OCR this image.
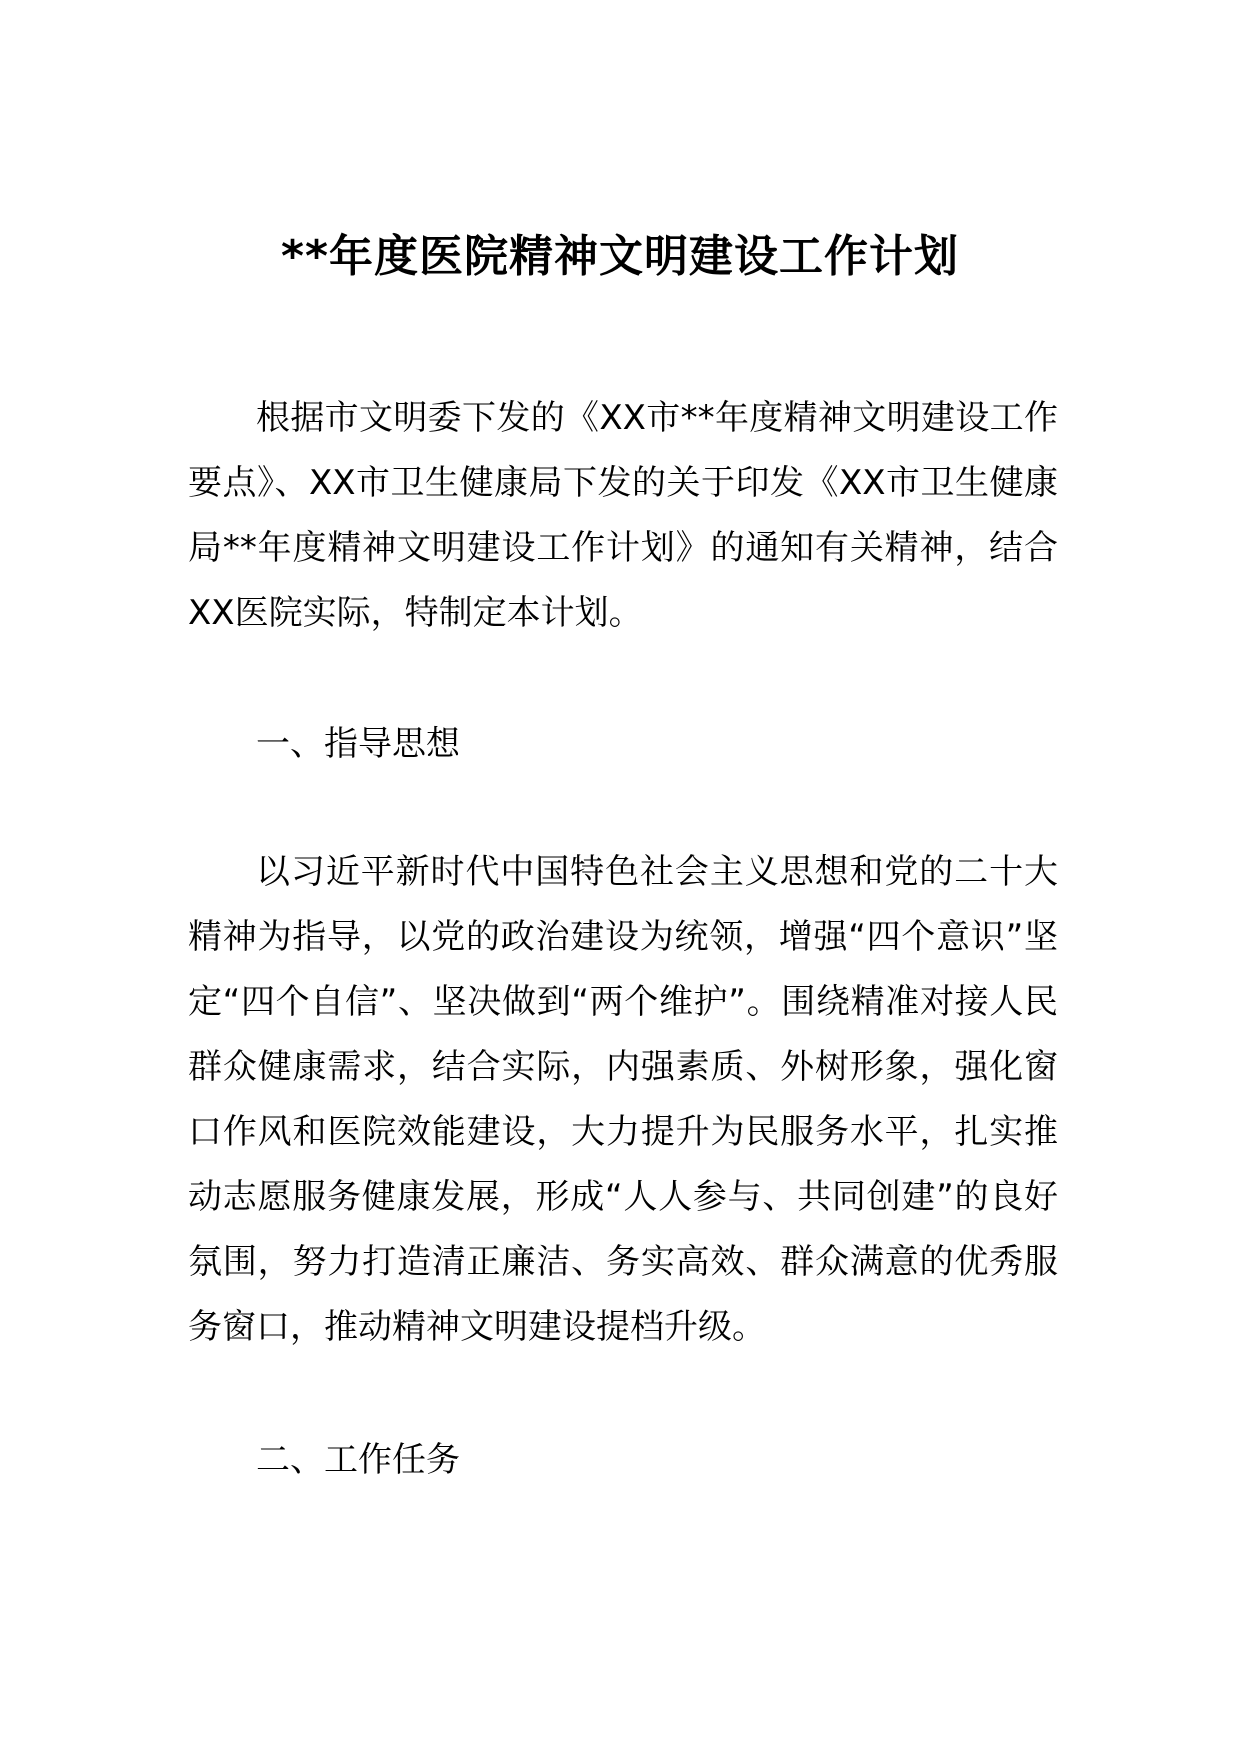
**年度医院精神文明建设工作计划

根据市文明委下发的《XX市**年度精神文明建设工作要点》、XX市卫生健康局下发的关于印发《XX市卫生健康局**年度精神文明建设工作计划》的通知有关精神，结合XX医院实际，特制定本计划。

一、指导思想

以习近平新时代中国特色社会主义思想和党的二十大精神为指导，以党的政治建设为统领，增强“四个意识”坚定“四个自信”、坚决做到“两个维护”。围绕精准对接人民群众健康需求，结合实际，内强素质、外树形象，强化窗口作风和医院效能建设，大力提升为民服务水平，扎实推动志愿服务健康发展，形成“人人参与、共同创建”的良好氛围，努力打造清正廉洁、务实高效、群众满意的优秀服务窗口，推动精神文明建设提档升级。

二、工作任务
